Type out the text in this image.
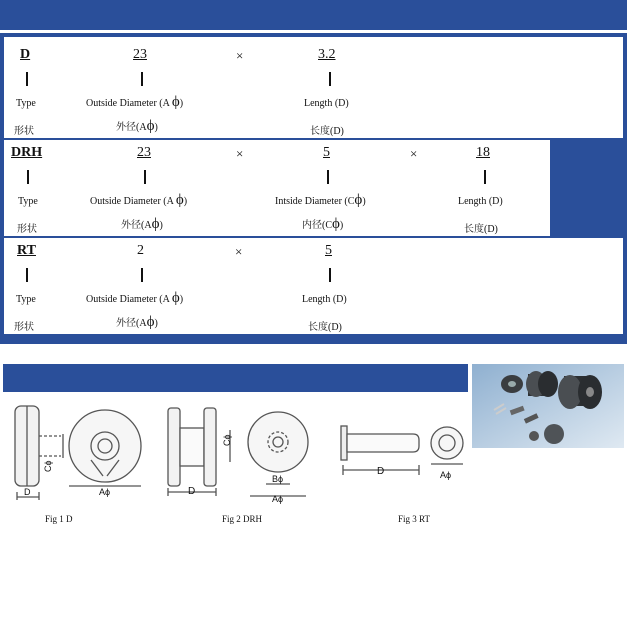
D	23	×	3.2
Type	Outside Diameter (A ϕ)	Length (D)
形状	外径(Aϕ)	长度(D)
DRH	23	×	5	×	18
Type	Outside Diameter (A ϕ)	Intside Diameter (Cϕ)	Length (D)
形状	外径(Aϕ)	内径(Cϕ)	长度(D)
RT	2	×	5
Type	Outside Diameter (A ϕ)	Length (D)
形状	外径(Aϕ)	长度(D)
D
Cϕ
Aϕ	D
Cϕ
Bϕ
Aϕ
D	Aϕ
Fig 1 D	Fig 2 DRH	Fig 3 RT
